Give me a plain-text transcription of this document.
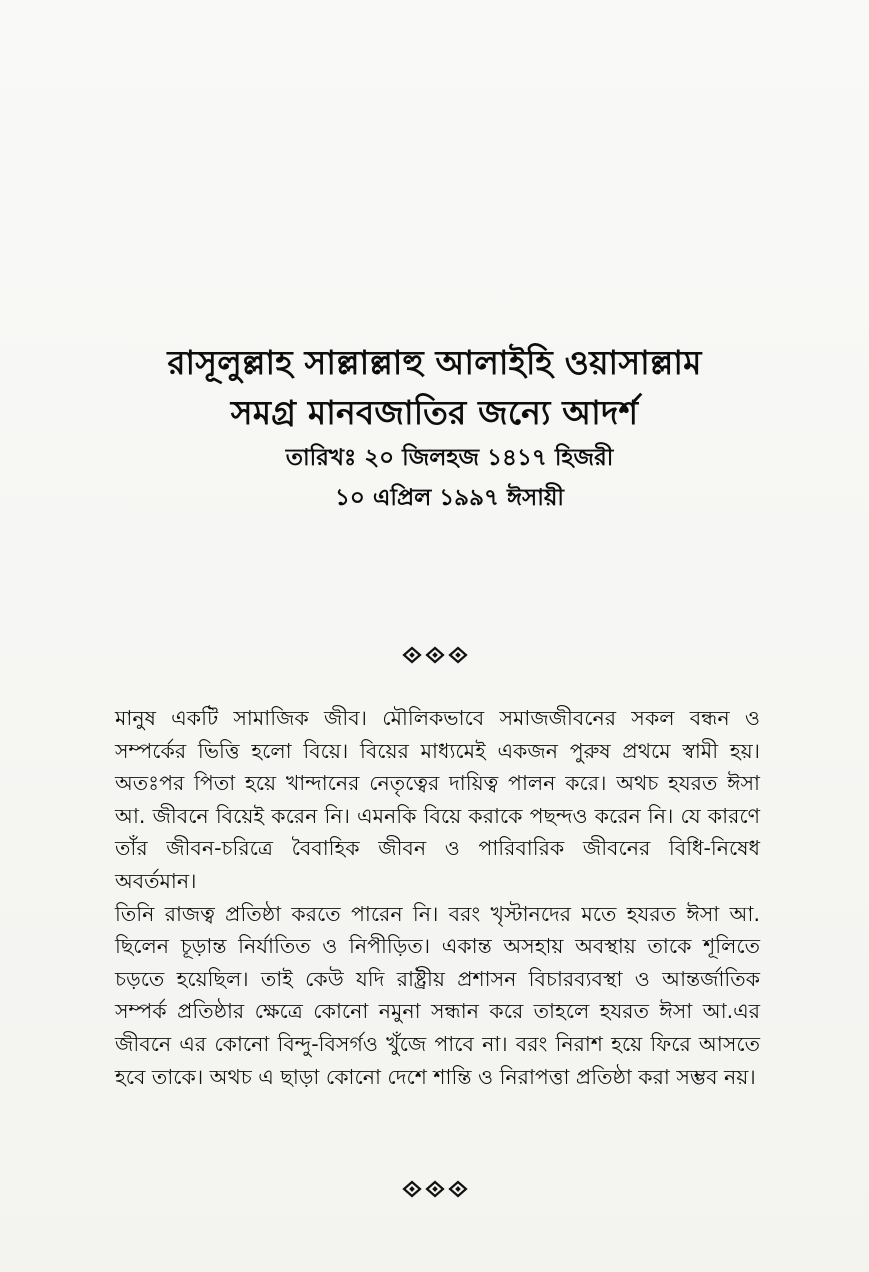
রাসূলুল্লাহ সাল্লাল্লাহু আলাইহি ওয়াসাল্লাম
সমগ্র মানবজাতির জন্যে আদর্শ
তারিখঃ ২০ জিলহজ ১৪১৭ হিজরী
১০ এপ্রিল ১৯৯৭ ঈসায়ী

মানুষ একটি সামাজিক জীব। মৌলিকভাবে সমাজজীবনের সকল বন্ধন ও সম্পর্কের ভিত্তি হলো বিয়ে। বিয়ের মাধ্যমেই একজন পুরুষ প্রথমে স্বামী হয়। অতঃপর পিতা হয়ে খান্দানের নেতৃত্বের দায়িত্ব পালন করে। অথচ হযরত ঈসা আ. জীবনে বিয়েই করেন নি। এমনকি বিয়ে করাকে পছন্দও করেন নি। যে কারণে তাঁর জীবন-চরিত্রে বৈবাহিক জীবন ও পারিবারিক জীবনের বিধি-নিষেধ অবর্তমান।

তিনি রাজত্ব প্রতিষ্ঠা করতে পারেন নি। বরং খৃস্টানদের মতে হযরত ঈসা আ. ছিলেন চূড়ান্ত নির্যাতিত ও নিপীড়িত। একান্ত অসহায় অবস্থায় তাকে শূলিতে চড়তে হয়েছিল। তাই কেউ যদি রাষ্ট্রীয় প্রশাসন বিচারব্যবস্থা ও আন্তর্জাতিক সম্পর্ক প্রতিষ্ঠার ক্ষেত্রে কোনো নমুনা সন্ধান করে তাহলে হযরত ঈসা আ.এর জীবনে এর কোনো বিন্দু-বিসর্গও খুঁজে পাবে না। বরং নিরাশ হয়ে ফিরে আসতে হবে তাকে। অথচ এ ছাড়া কোনো দেশে শান্তি ও নিরাপত্তা প্রতিষ্ঠা করা সম্ভব নয়।
